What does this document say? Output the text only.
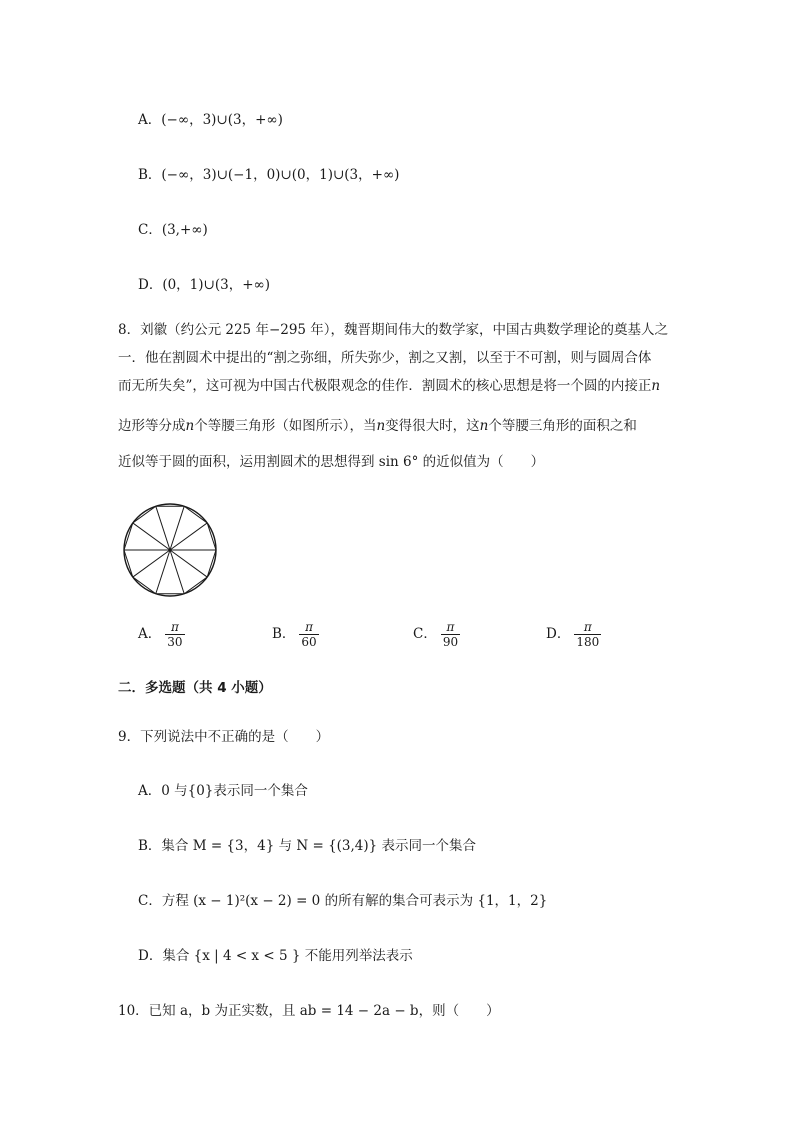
A．(−∞，3)∪(3，+∞)
B．(−∞，3)∪(−1，0)∪(0，1)∪(3，+∞)
C．(3,+∞)
D．(0，1)∪(3，+∞)
8．刘徽（约公元 225 年−295 年），魏晋期间伟大的数学家，中国古典数学理论的奠基人之
一．他在割圆术中提出的“割之弥细，所失弥少，割之又割，以至于不可割，则与圆周合体
而无所失矣”，这可视为中国古代极限观念的佳作．割圆术的核心思想是将一个圆的内接正n
边形等分成n个等腰三角形（如图所示），当n变得很大时，这n个等腰三角形的面积之和
近似等于圆的面积，运用割圆术的思想得到 sin 6° 的近似值为（　　）
A． $\frac{\pi}{30}$	B． $\frac{\pi}{60}$	C． $\frac{\pi}{90}$	D． $\frac{\pi}{180}$
二．多选题（共 4 小题）
9．下列说法中不正确的是（　　）
A．0 与{0}表示同一个集合
B．集合 M = {3，4} 与 N = {(3,4)} 表示同一个集合
C．方程 (x − 1)²(x − 2) = 0 的所有解的集合可表示为 {1，1，2}
D．集合 {x | 4 < x < 5 } 不能用列举法表示
10．已知 a，b 为正实数，且 ab = 14 − 2a − b，则（　　）
